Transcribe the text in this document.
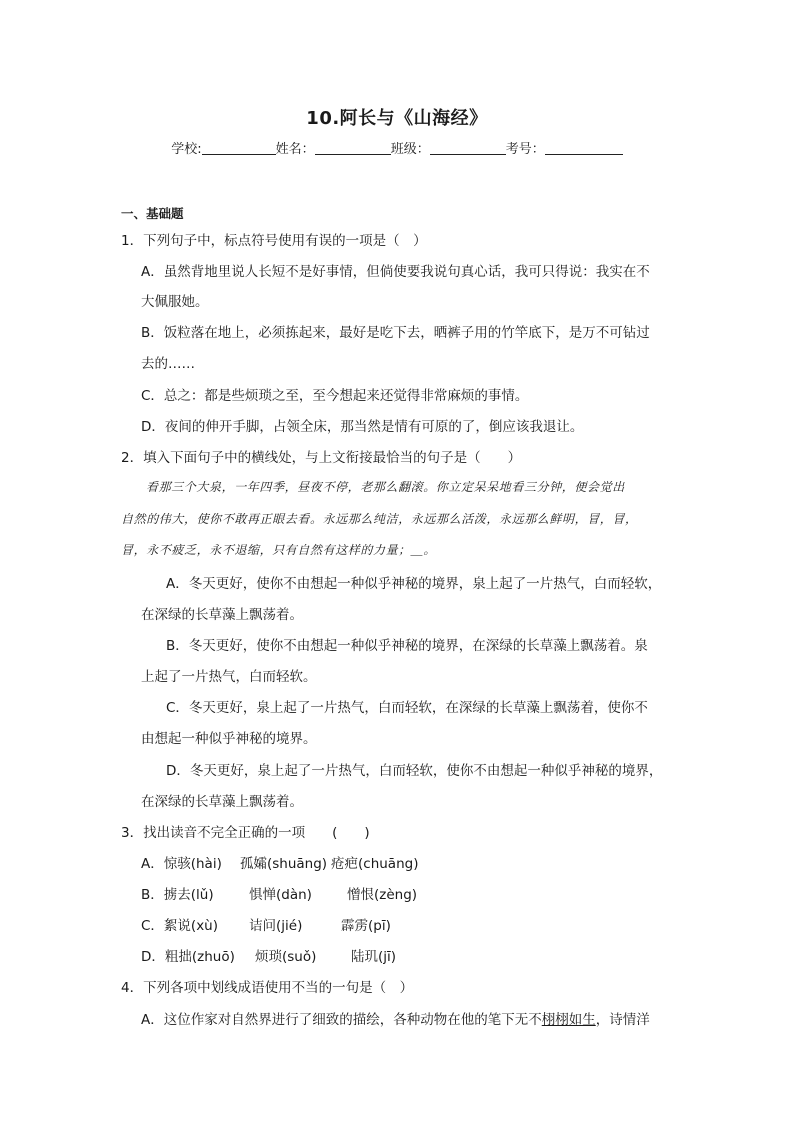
10.阿长与《山海经》
学校:	姓名：	班级：	考号：
一、基础题
1．下列句子中，标点符号使用有误的一项是（　）
A．虽然背地里说人长短不是好事情，但倘使要我说句真心话，我可只得说：我实在不
大佩服她。
B．饭粒落在地上，必须拣起来，最好是吃下去，晒裤子用的竹竿底下，是万不可钻过
去的……
C．总之：都是些烦琐之至，至今想起来还觉得非常麻烦的事情。
D．夜间的伸开手脚，占领全床，那当然是情有可原的了，倒应该我退让。
2．填入下面句子中的横线处，与上文衔接最恰当的句子是（　　）
看那三个大泉，一年四季，昼夜不停，老那么翻滚。你立定呆呆地看三分钟，便会觉出
自然的伟大，使你不敢再正眼去看。永远那么纯洁，永远那么活泼，永远那么鲜明，冒，冒，
冒，永不疲乏，永不退缩，只有自然有这样的力量；＿。
A．冬天更好，使你不由想起一种似乎神秘的境界，泉上起了一片热气，白而轻软，
在深绿的长草藻上飘荡着。
B．冬天更好，使你不由想起一种似乎神秘的境界，在深绿的长草藻上飘荡着。泉
上起了一片热气，白而轻软。
C．冬天更好，泉上起了一片热气，白而轻软，在深绿的长草藻上飘荡着，使你不
由想起一种似乎神秘的境界。
D．冬天更好，泉上起了一片热气，白而轻软，使你不由想起一种似乎神秘的境界，
在深绿的长草藻上飘荡着。
3．找出读音不完全正确的一项　　(　　)
A．惊骇(hài) 孤孀(shuāng) 疮疤(chuāng)
B．掳去(lǔ)	惧惮(dàn)	憎恨(zèng)
C．絮说(xù) 诘问(jié)	霹雳(pī)
D．粗拙(zhuō) 烦琐(suǒ)	陆玑(jī)
4．下列各项中划线成语使用不当的一句是（　）
A．这位作家对自然界进行了细致的描绘，各种动物在他的笔下无不栩栩如生，诗情洋
